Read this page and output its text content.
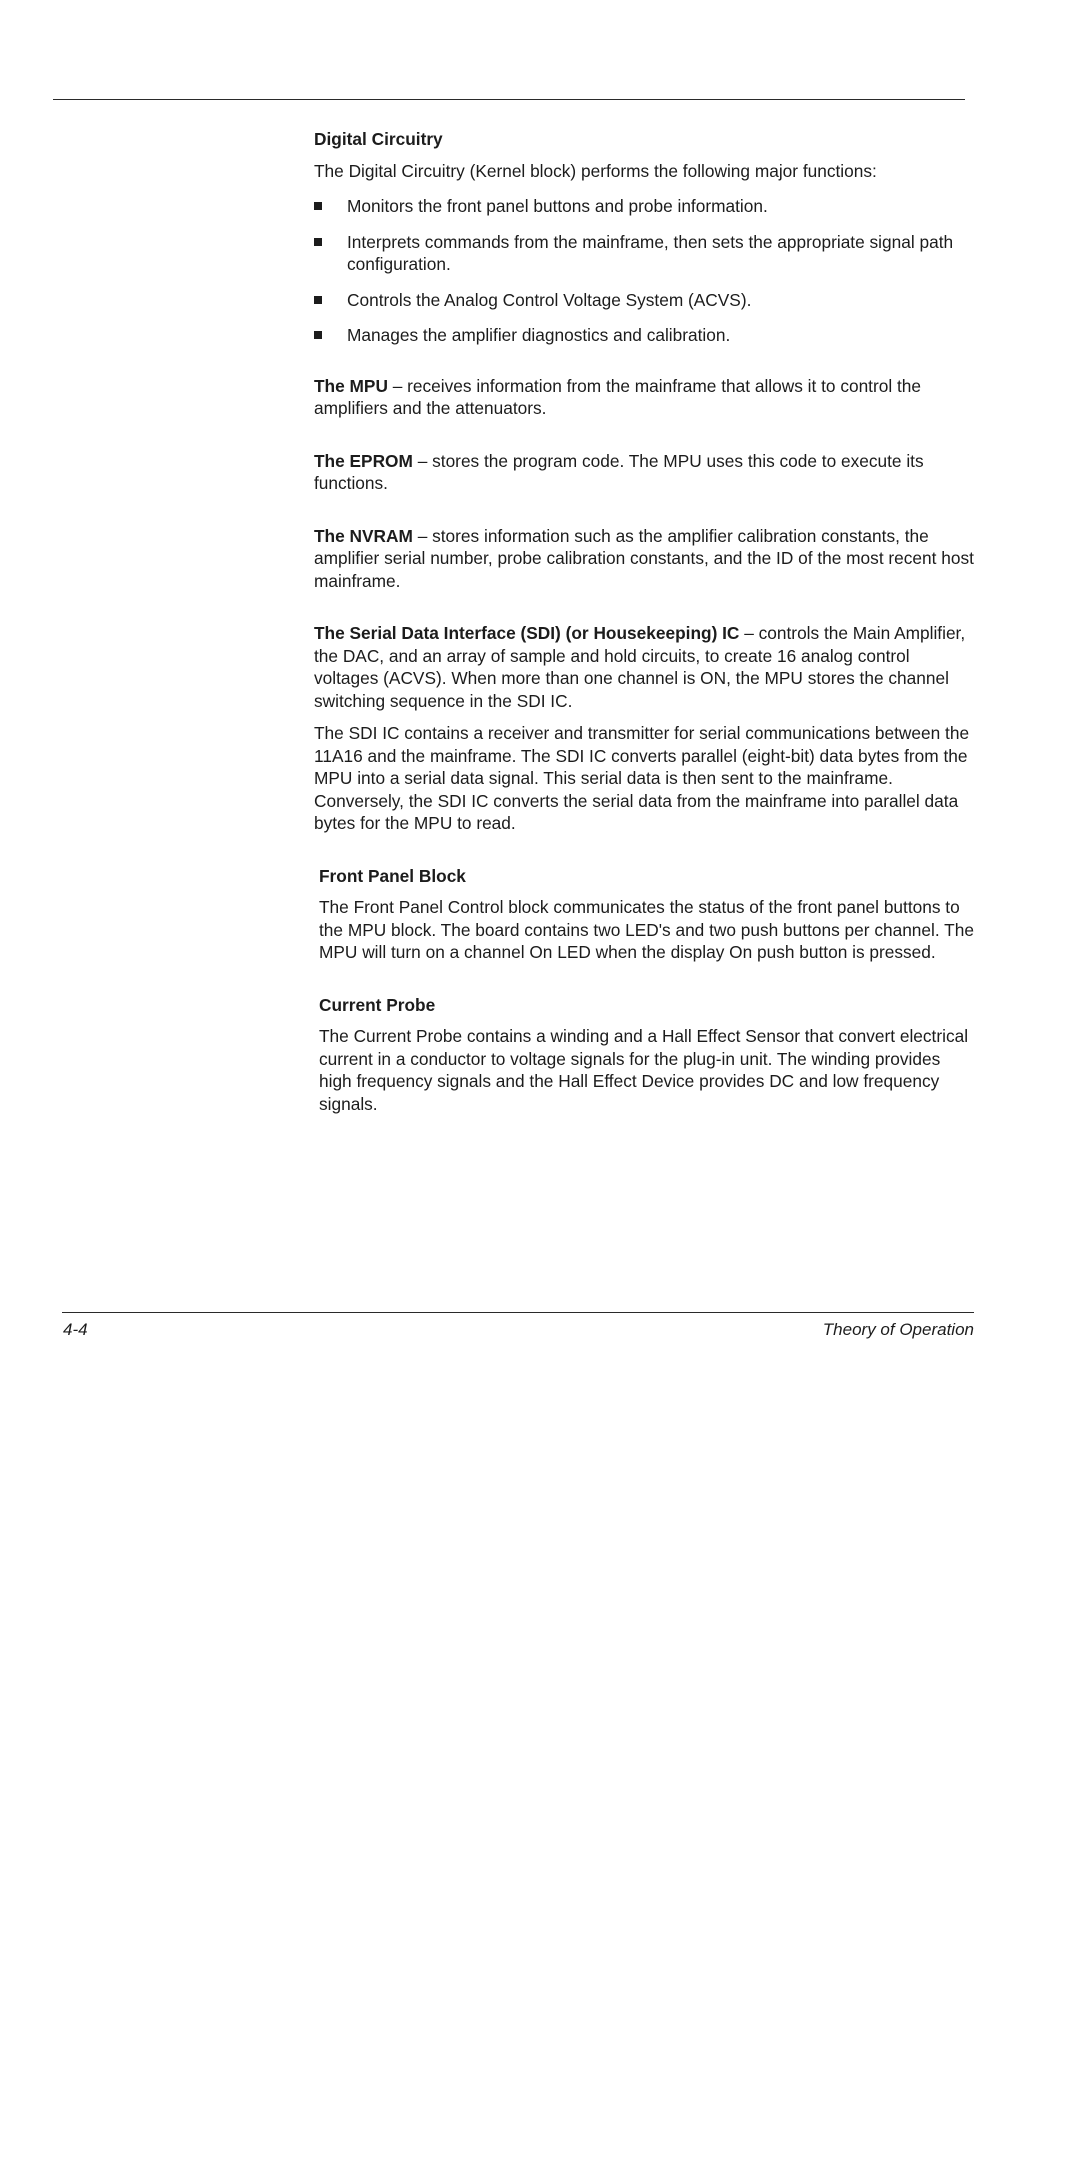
Digital Circuitry

The Digital Circuitry (Kernel block) performs the following major functions:

Monitors the front panel buttons and probe information.
Interprets commands from the mainframe, then sets the appropriate signal path configuration.
Controls the Analog Control Voltage System (ACVS).
Manages the amplifier diagnostics and calibration.

The MPU – receives information from the mainframe that allows it to control the amplifiers and the attenuators.

The EPROM – stores the program code. The MPU uses this code to execute its functions.

The NVRAM – stores information such as the amplifier calibration constants, the amplifier serial number, probe calibration constants, and the ID of the most recent host mainframe.

The Serial Data Interface (SDI) (or Housekeeping) IC – controls the Main Amplifier, the DAC, and an array of sample and hold circuits, to create 16 analog control voltages (ACVS). When more than one channel is ON, the MPU stores the channel switching sequence in the SDI IC.

The SDI IC contains a receiver and transmitter for serial communications between the 11A16 and the mainframe. The SDI IC converts parallel (eight-bit) data bytes from the MPU into a serial data signal. This serial data is then sent to the mainframe. Conversely, the SDI IC converts the serial data from the mainframe into parallel data bytes for the MPU to read.

Front Panel Block

The Front Panel Control block communicates the status of the front panel buttons to the MPU block. The board contains two LED's and two push buttons per channel. The MPU will turn on a channel On LED when the display On push button is pressed.

Current Probe

The Current Probe contains a winding and a Hall Effect Sensor that convert electrical current in a conductor to voltage signals for the plug-in unit. The winding provides high frequency signals and the Hall Effect Device provides DC and low frequency signals.

4-4	Theory of Operation
